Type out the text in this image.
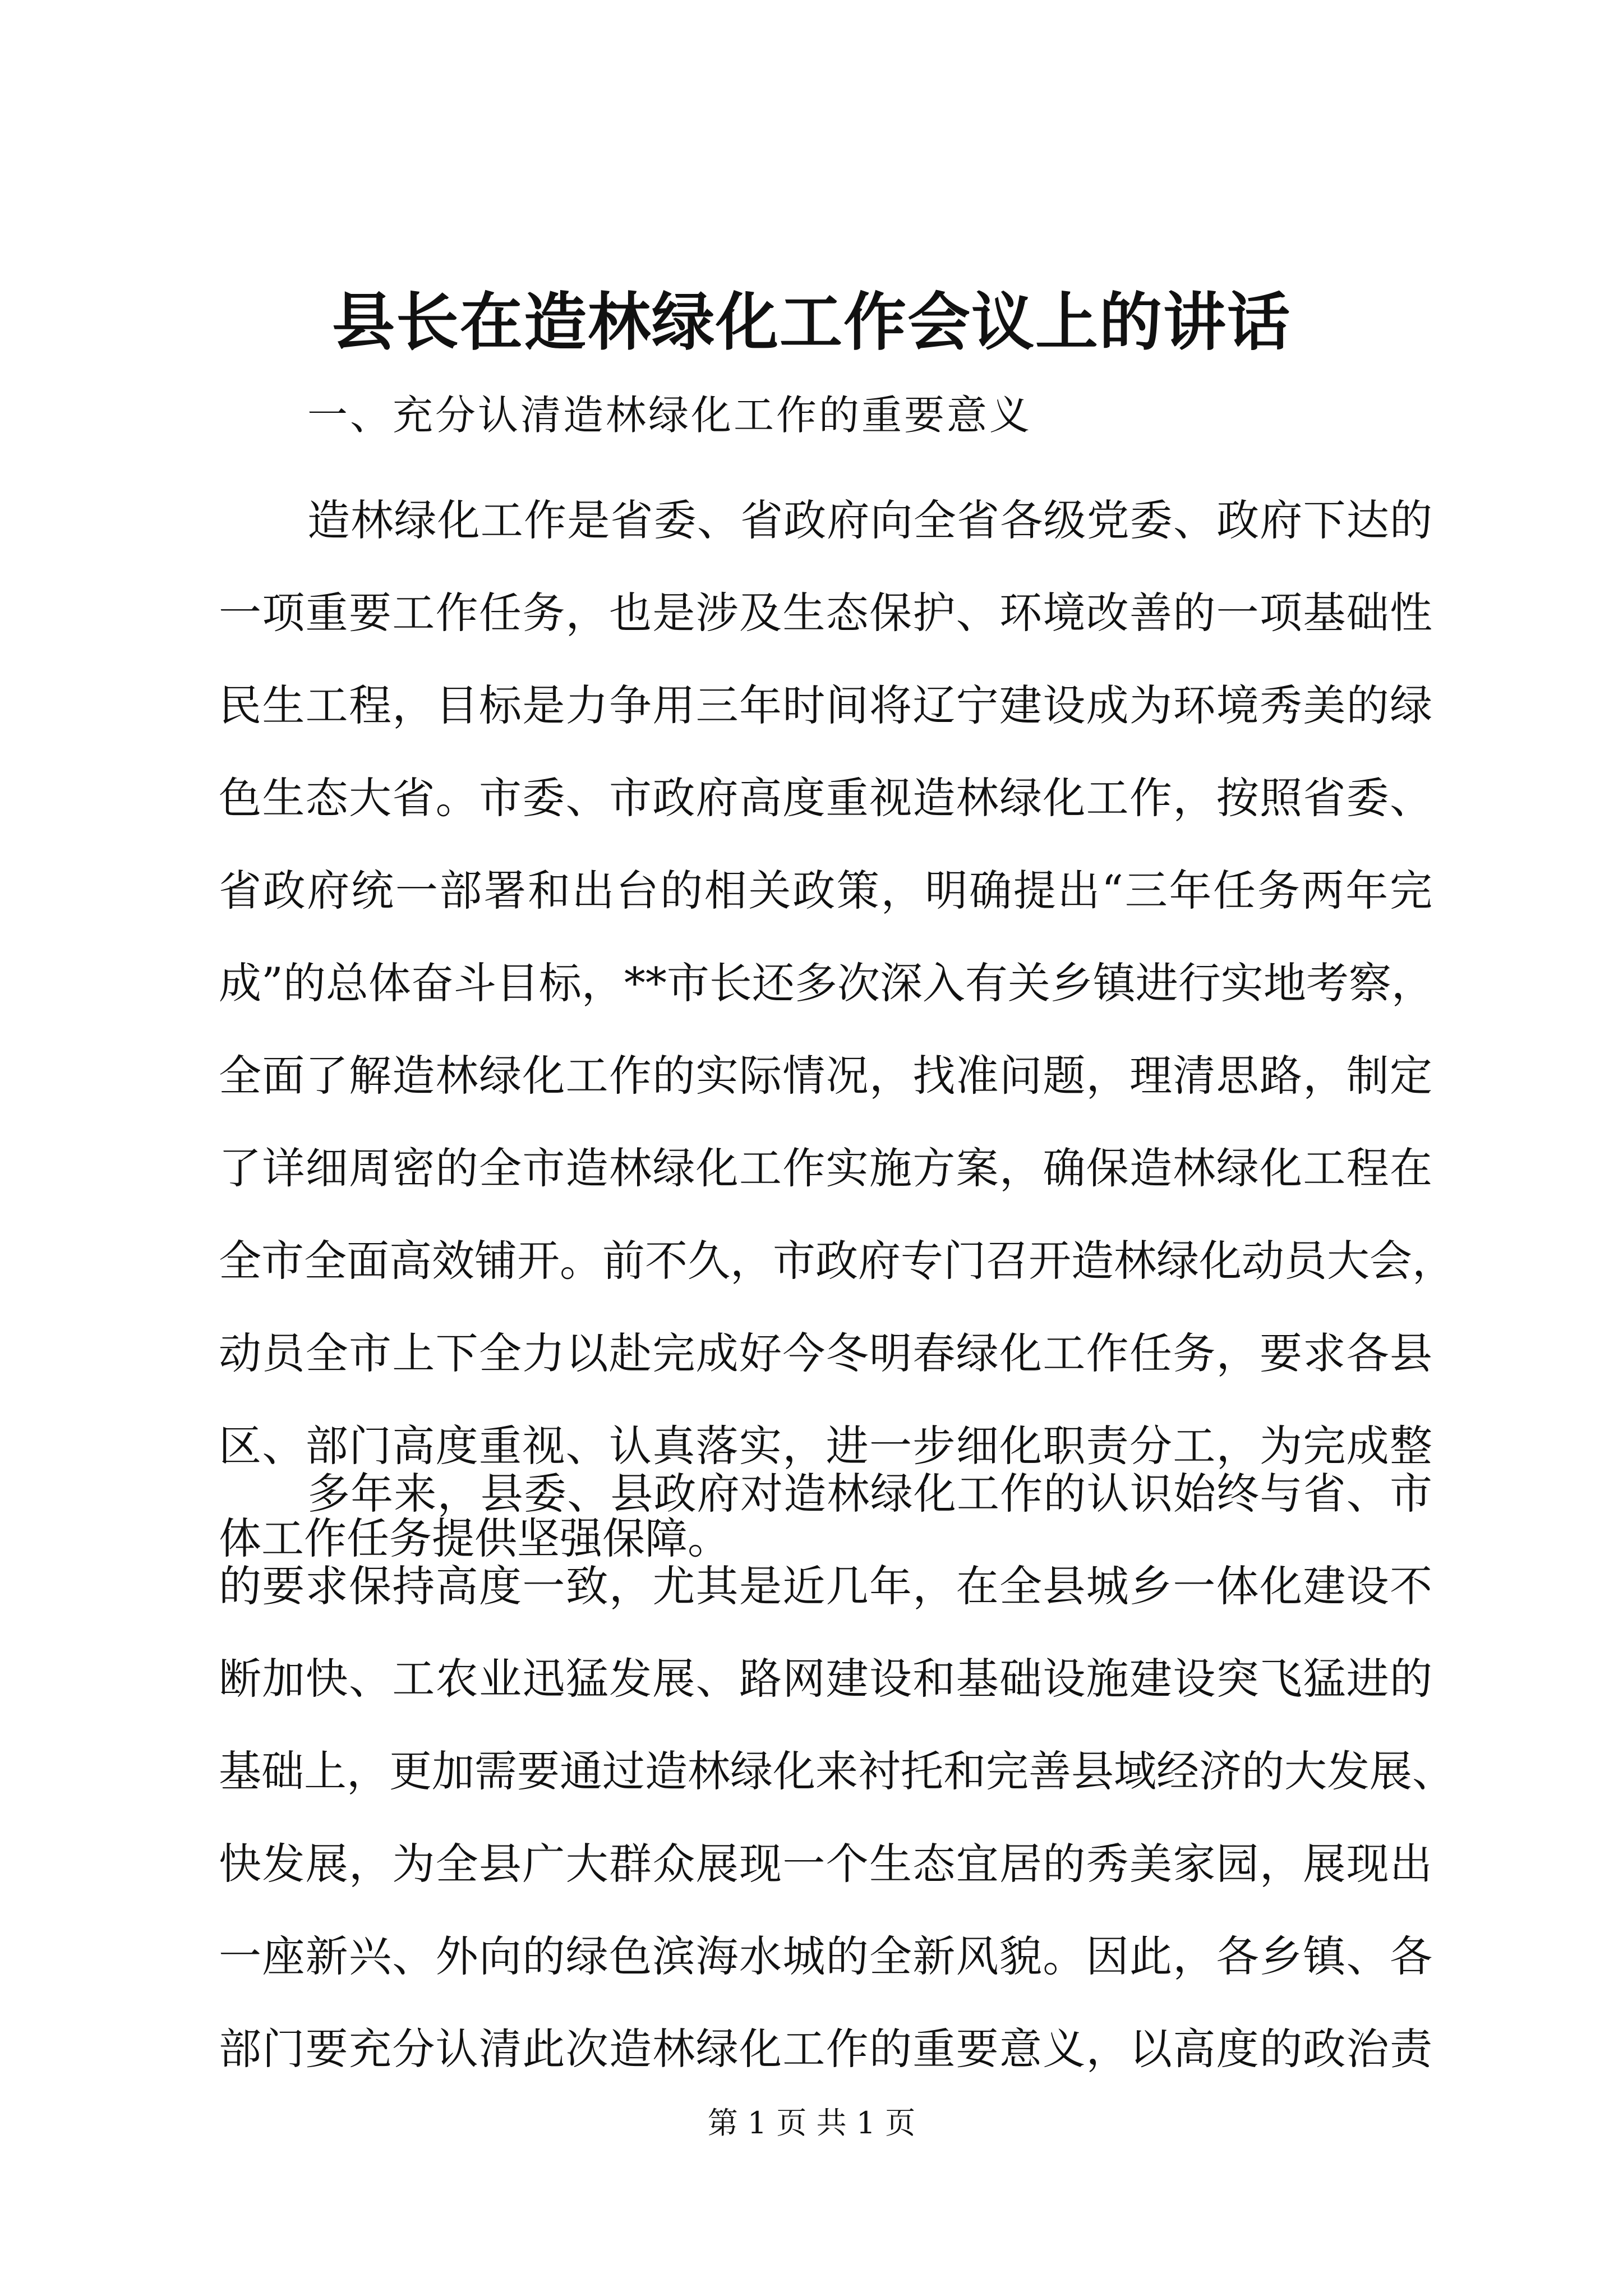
县长在造林绿化工作会议上的讲话

一、充分认清造林绿化工作的重要意义

造林绿化工作是省委、省政府向全省各级党委、政府下达的
一项重要工作任务，也是涉及生态保护、环境改善的一项基础性
民生工程，目标是力争用三年时间将辽宁建设成为环境秀美的绿
色生态大省。市委、市政府高度重视造林绿化工作，按照省委、
省政府统一部署和出台的相关政策，明确提出“三年任务两年完
成”的总体奋斗目标，**市长还多次深入有关乡镇进行实地考察，
全面了解造林绿化工作的实际情况，找准问题，理清思路，制定
了详细周密的全市造林绿化工作实施方案，确保造林绿化工程在
全市全面高效铺开。前不久，市政府专门召开造林绿化动员大会，
动员全市上下全力以赴完成好今冬明春绿化工作任务，要求各县
区、部门高度重视、认真落实，进一步细化职责分工，为完成整
体工作任务提供坚强保障。
多年来，县委、县政府对造林绿化工作的认识始终与省、市
的要求保持高度一致，尤其是近几年，在全县城乡一体化建设不
断加快、工农业迅猛发展、路网建设和基础设施建设突飞猛进的
基础上，更加需要通过造林绿化来衬托和完善县域经济的大发展、
快发展，为全县广大群众展现一个生态宜居的秀美家园，展现出
一座新兴、外向的绿色滨海水城的全新风貌。因此，各乡镇、各
部门要充分认清此次造林绿化工作的重要意义，以高度的政治责

第 1 页 共 1 页
